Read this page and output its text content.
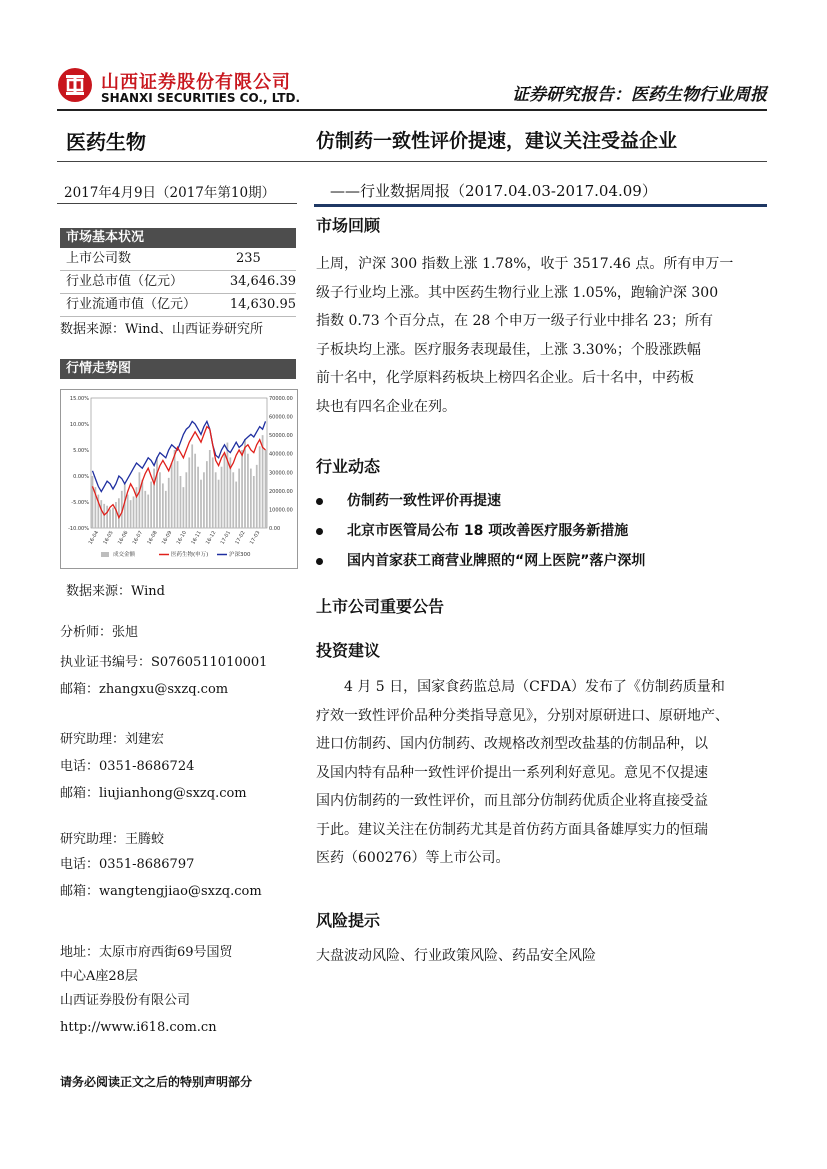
山西证券股份有限公司
SHANXI SECURITIES CO., LTD.	证券研究报告：医药生物行业周报
医药生物	仿制药一致性评价提速，建议关注受益企业
2017年4月9日（2017年第10期）	——行业数据周报（2017.04.03-2017.04.09）
市场基本状况
上市公司数	235
行业总市值（亿元）	34,646.39
行业流通市值（亿元）	14,630.95
数据来源：Wind、山西证券研究所
行情走势图
15.00%
10.00%
5.00%
0.00%
-5.00%
-10.00%
70000.00
60000.00
50000.00
40000.00
30000.00
20000.00
10000.00
0.00
16-04 16-05 16-06 16-07 16-08 16-09 16-10 16-11 16-12 17-01 17-02 17-03
成交金额	医药生物(申万)	沪深300
数据来源：Wind
分析师：张旭
执业证书编号：S0760511010001
邮箱：zhangxu@sxzq.com
研究助理：刘建宏
电话：0351-8686724
邮箱：liujianhong@sxzq.com
研究助理：王腾蛟
电话：0351-8686797
邮箱：wangtengjiao@sxzq.com
地址：太原市府西街69号国贸
中心A座28层
山西证券股份有限公司
http://www.i618.com.cn
请务必阅读正文之后的特别声明部分
市场回顾
上周，沪深 300 指数上涨 1.78%，收于 3517.46 点。所有申万一
级子行业均上涨。其中医药生物行业上涨 1.05%，跑输沪深 300
指数 0.73 个百分点，在 28 个申万一级子行业中排名 23；所有
子板块均上涨。医疗服务表现最佳，上涨 3.30%；个股涨跌幅
前十名中，化学原料药板块上榜四名企业。后十名中，中药板
块也有四名企业在列。
行业动态
仿制药一致性评价再提速
北京市医管局公布 18 项改善医疗服务新措施
国内首家获工商营业牌照的“网上医院”落户深圳
上市公司重要公告
投资建议
4 月 5 日，国家食药监总局（CFDA）发布了《仿制药质量和
疗效一致性评价品种分类指导意见》，分别对原研进口、原研地产、
进口仿制药、国内仿制药、改规格改剂型改盐基的仿制品种，以
及国内特有品种一致性评价提出一系列利好意见。意见不仅提速
国内仿制药的一致性评价，而且部分仿制药优质企业将直接受益
于此。建议关注在仿制药尤其是首仿药方面具备雄厚实力的恒瑞
医药（600276）等上市公司。
风险提示
大盘波动风险、行业政策风险、药品安全风险
